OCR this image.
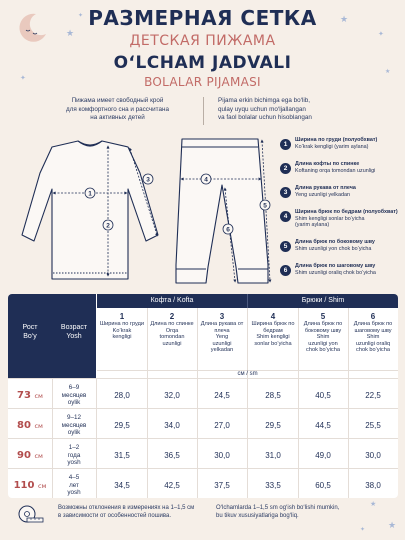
★
✦	★
✦
★
✦
★
★
✦
РАЗМЕРНАЯ СЕТКА
ДЕТСКАЯ ПИЖАМА
O‘LCHAM JADVALI
BOLALAR PIJAMASI
Пижама имеет свободный крой
для комфортного сна и рассчитана
на активных детей
Pijama erkin bichimga ega bo‘lib,
qulay uyqu uchun mo‘ljallangan
va faol bolalar uchun hisoblangan
1
2
3	4
5
6
1
Ширина по груди (полуобхват)
Ko‘krak kengligi (yarim aylana)
2
Длина кофты по спинке
Koftaning orqa tomondan uzunligi
3
Длина рукава от плеча
Yeng uzunligi yelkadan
4
Ширина брюк по бедрам (полуобхват)
Shim kengligi sonlar bo‘yicha
(yarim aylana)
5
Длина брюк по боковому шву
Shim uzunligi yon chok bo‘yicha
6
Длина брюк по шаговому шву
Shim uzunligi oraliq chok bo‘yicha
Рост
Bo‘y
Возраст
Yosh
Кофта / Kofta	Брюки / Shim
1
Ширина по груди
Ko‘krak
kengligi
2
Длина по спинке
Orqa
tomondan
uzunligi
3
Длина рукава от плеча
Yeng
uzunligi
yelkadan
4
Ширина брюк по бедрам
Shim kengligi
sonlar bo‘yicha
5
Длина брюк по боковому шву
Shim
uzunligi yon
chok bo‘yicha
6
Длина брюк по шаговому шву
Shim
uzunligi oraliq
chok bo‘yicha
см / sm
73 см
6–9
месяцев
oylik
28,0	32,0	24,5	28,5	40,5	22,5
80 см
9–12
месяцев
oylik
29,5	34,0	27,0	29,5	44,5	25,5
90 см
1–2
года
yosh
31,5	36,5	30,0	31,0	49,0	30,0
110 см
4–5
лет
yosh
34,5	42,5	37,5	33,5	60,5	38,0
Возможны отклонения в измерениях на 1–1,5 см
в зависимости от особенностей пошива.
O‘lchamlarda 1–1,5 sm og‘ish bo‘lishi mumkin,
bu tikuv xususiyatlariga bog‘liq.
